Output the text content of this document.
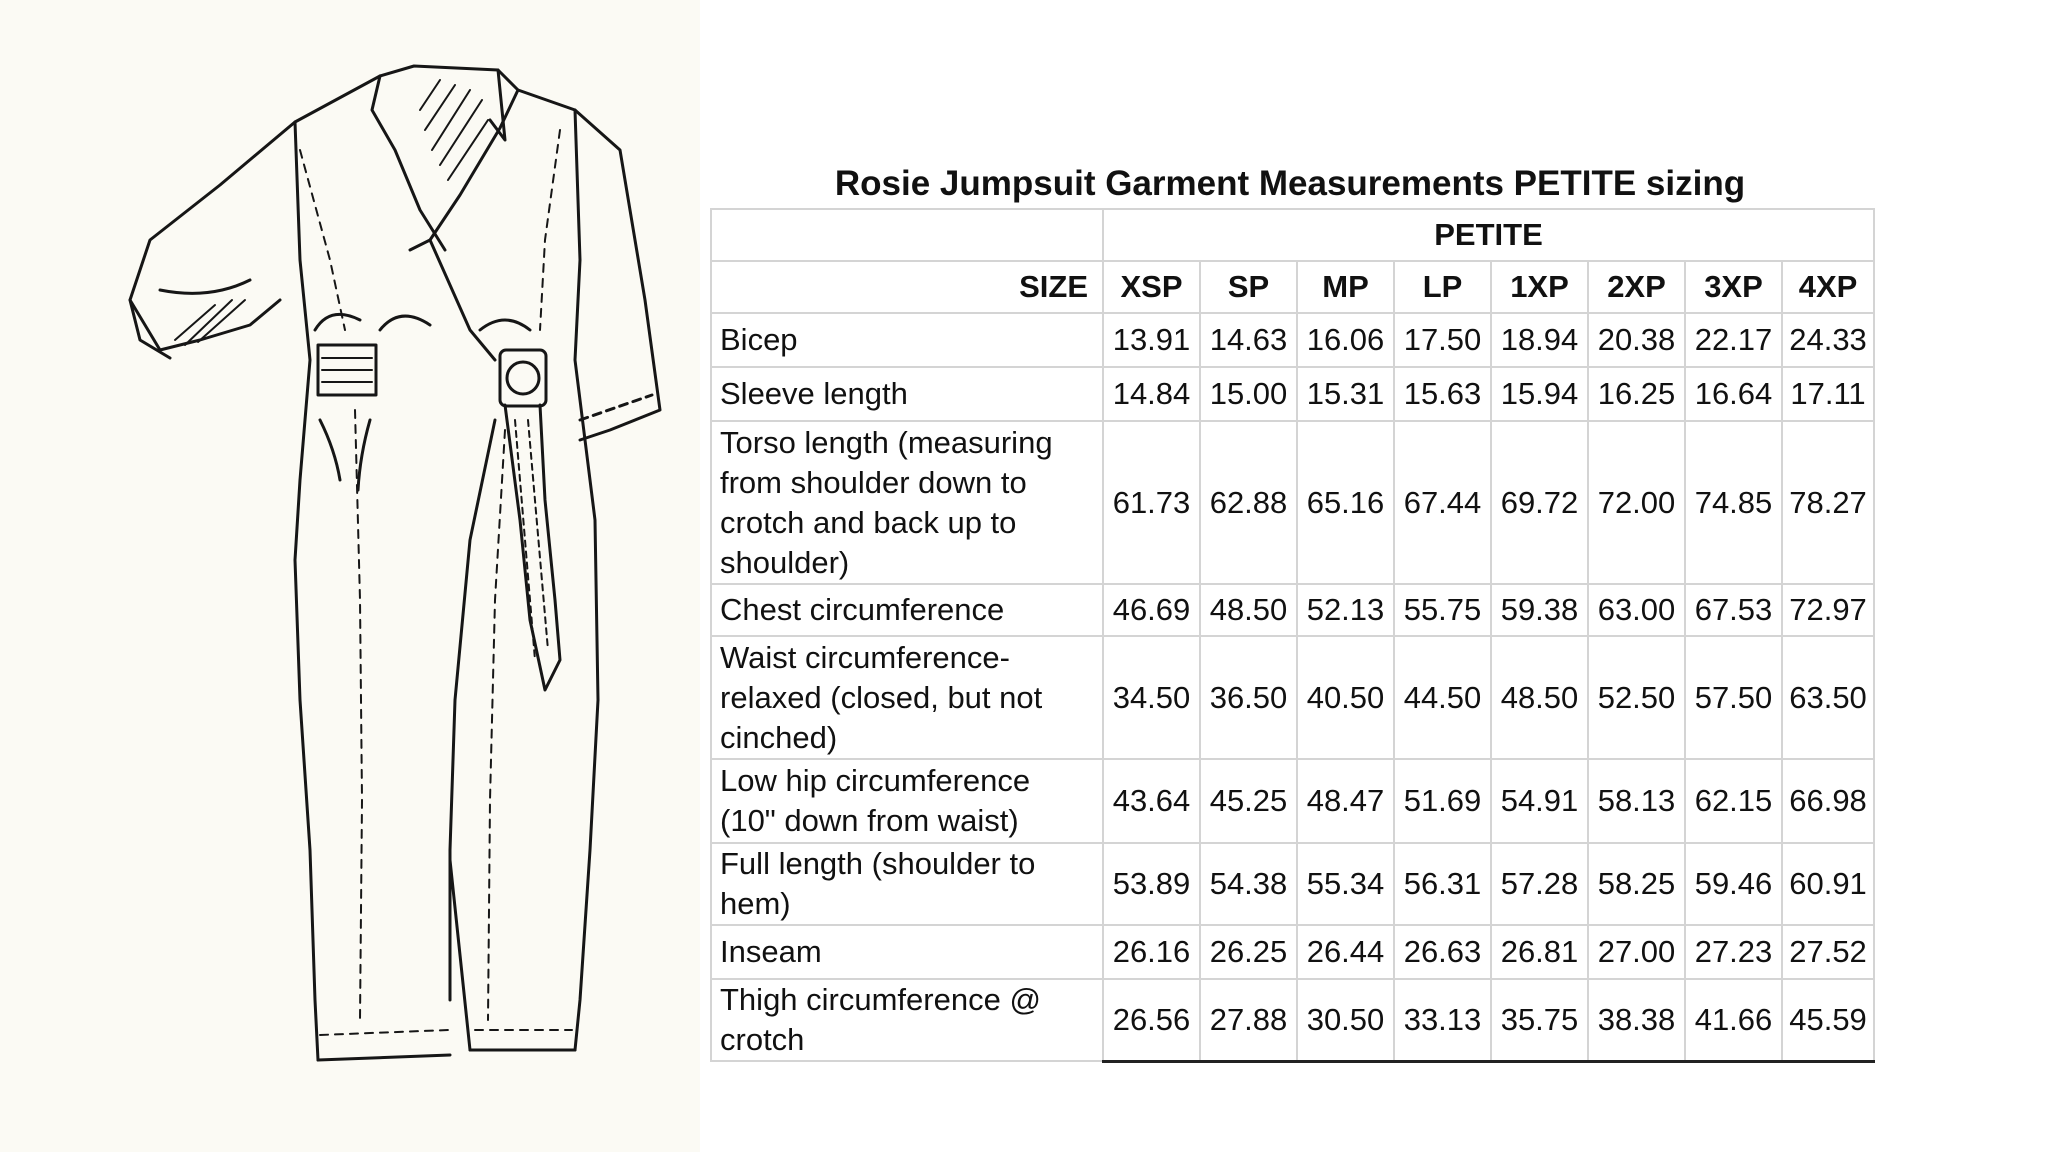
Rosie Jumpsuit Garment Measurements PETITE sizing
	PETITE							
SIZE	XSP	SP	MP	LP	1XP	2XP	3XP	4XP
Bicep	13.91	14.63	16.06	17.50	18.94	20.38	22.17	24.33
Sleeve length	14.84	15.00	15.31	15.63	15.94	16.25	16.64	17.11
Torso length (measuring from shoulder down to crotch and back up to shoulder)	61.73	62.88	65.16	67.44	69.72	72.00	74.85	78.27
Chest circumference	46.69	48.50	52.13	55.75	59.38	63.00	67.53	72.97
Waist circumference-relaxed (closed, but not cinched)	34.50	36.50	40.50	44.50	48.50	52.50	57.50	63.50
Low hip circumference (10" down from waist)	43.64	45.25	48.47	51.69	54.91	58.13	62.15	66.98
Full length (shoulder to hem)	53.89	54.38	55.34	56.31	57.28	58.25	59.46	60.91
Inseam	26.16	26.25	26.44	26.63	26.81	27.00	27.23	27.52
Thigh circumference @ crotch	26.56	27.88	30.50	33.13	35.75	38.38	41.66	45.59
